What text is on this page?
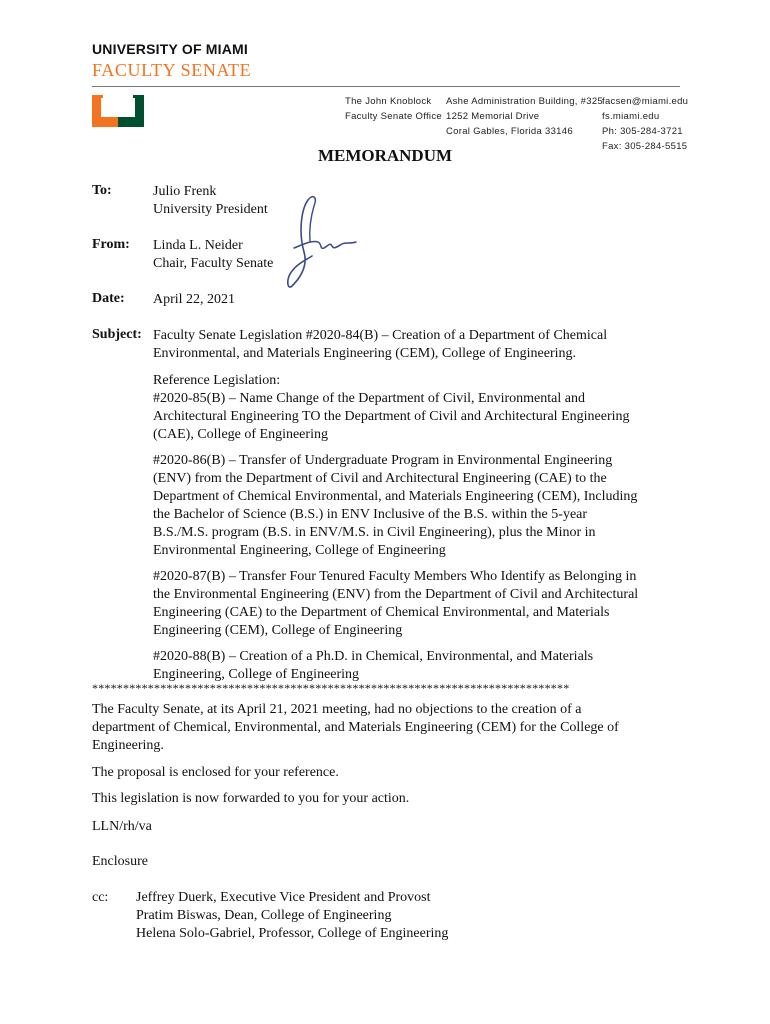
UNIVERSITY OF MIAMI
FACULTY SENATE
The John Knoblock
Faculty Senate Office
Ashe Administration Building, #325
1252 Memorial Drive
Coral Gables, Florida 33146
facsen@miami.edu
fs.miami.edu
Ph: 305-284-3721
Fax: 305-284-5515
MEMORANDUM
To:	Julio Frenk
University President
From: Linda L. Neider
Chair, Faculty Senate
Date: April 22, 2021
Subject: Faculty Senate Legislation #2020-84(B) – Creation of a Department of Chemical
Environmental, and Materials Engineering (CEM), College of Engineering.
Reference Legislation:
#2020-85(B) – Name Change of the Department of Civil, Environmental and
Architectural Engineering TO the Department of Civil and Architectural Engineering
(CAE), College of Engineering
#2020-86(B) – Transfer of Undergraduate Program in Environmental Engineering
(ENV) from the Department of Civil and Architectural Engineering (CAE) to the
Department of Chemical Environmental, and Materials Engineering (CEM), Including
the Bachelor of Science (B.S.) in ENV Inclusive of the B.S. within the 5-year
B.S./M.S. program (B.S. in ENV/M.S. in Civil Engineering), plus the Minor in
Environmental Engineering, College of Engineering
#2020-87(B) – Transfer Four Tenured Faculty Members Who Identify as Belonging in
the Environmental Engineering (ENV) from the Department of Civil and Architectural
Engineering (CAE) to the Department of Chemical Environmental, and Materials
Engineering (CEM), College of Engineering
#2020-88(B) – Creation of a Ph.D. in Chemical, Environmental, and Materials
Engineering, College of Engineering
*****************************************************************************
The Faculty Senate, at its April 21, 2021 meeting, had no objections to the creation of a
department of Chemical, Environmental, and Materials Engineering (CEM) for the College of
Engineering.
The proposal is enclosed for your reference.
This legislation is now forwarded to you for your action.
LLN/rh/va
Enclosure
cc: Jeffrey Duerk, Executive Vice President and Provost
Pratim Biswas, Dean, College of Engineering
Helena Solo-Gabriel, Professor, College of Engineering
